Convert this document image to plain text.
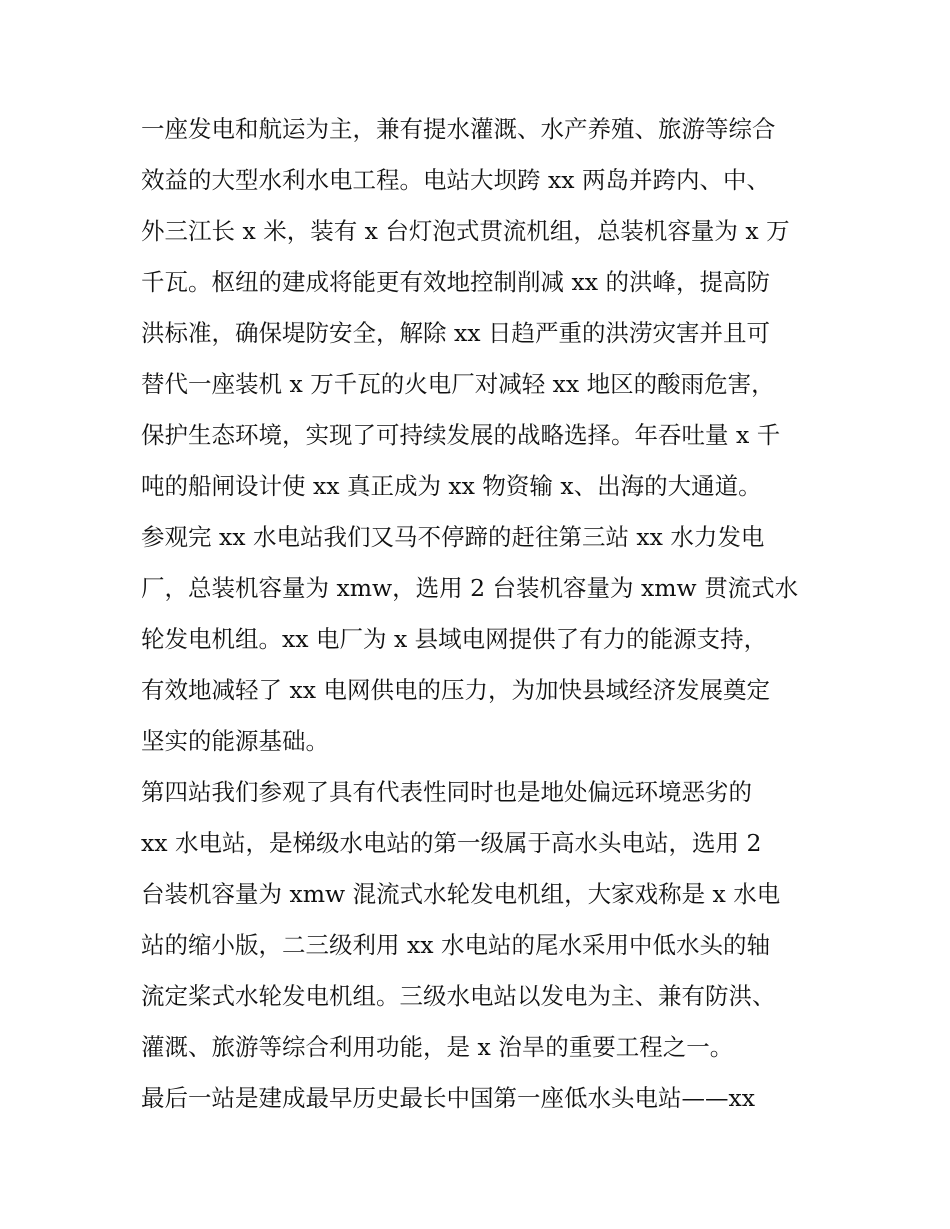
一座发电和航运为主，兼有提水灌溉、水产养殖、旅游等综合
效益的大型水利水电工程。电站大坝跨 xx 两岛并跨内、中、
外三江长 x 米，装有 x 台灯泡式贯流机组，总装机容量为 x 万
千瓦。枢纽的建成将能更有效地控制削减 xx 的洪峰，提高防
洪标准，确保堤防安全，解除 xx 日趋严重的洪涝灾害并且可
替代一座装机 x 万千瓦的火电厂对减轻 xx 地区的酸雨危害，
保护生态环境，实现了可持续发展的战略选择。年吞吐量 x 千
吨的船闸设计使 xx 真正成为 xx 物资输 x、出海的大通道。
参观完 xx 水电站我们又马不停蹄的赶往第三站 xx 水力发电
厂，总装机容量为 xmw，选用 2 台装机容量为 xmw 贯流式水
轮发电机组。xx 电厂为 x 县域电网提供了有力的能源支持，
有效地减轻了 xx 电网供电的压力，为加快县域经济发展奠定
坚实的能源基础。
第四站我们参观了具有代表性同时也是地处偏远环境恶劣的
xx 水电站，是梯级水电站的第一级属于高水头电站，选用 2
台装机容量为 xmw 混流式水轮发电机组，大家戏称是 x 水电
站的缩小版，二三级利用 xx 水电站的尾水采用中低水头的轴
流定桨式水轮发电机组。三级水电站以发电为主、兼有防洪、
灌溉、旅游等综合利用功能，是 x 治旱的重要工程之一。
最后一站是建成最早历史最长中国第一座低水头电站——xx
